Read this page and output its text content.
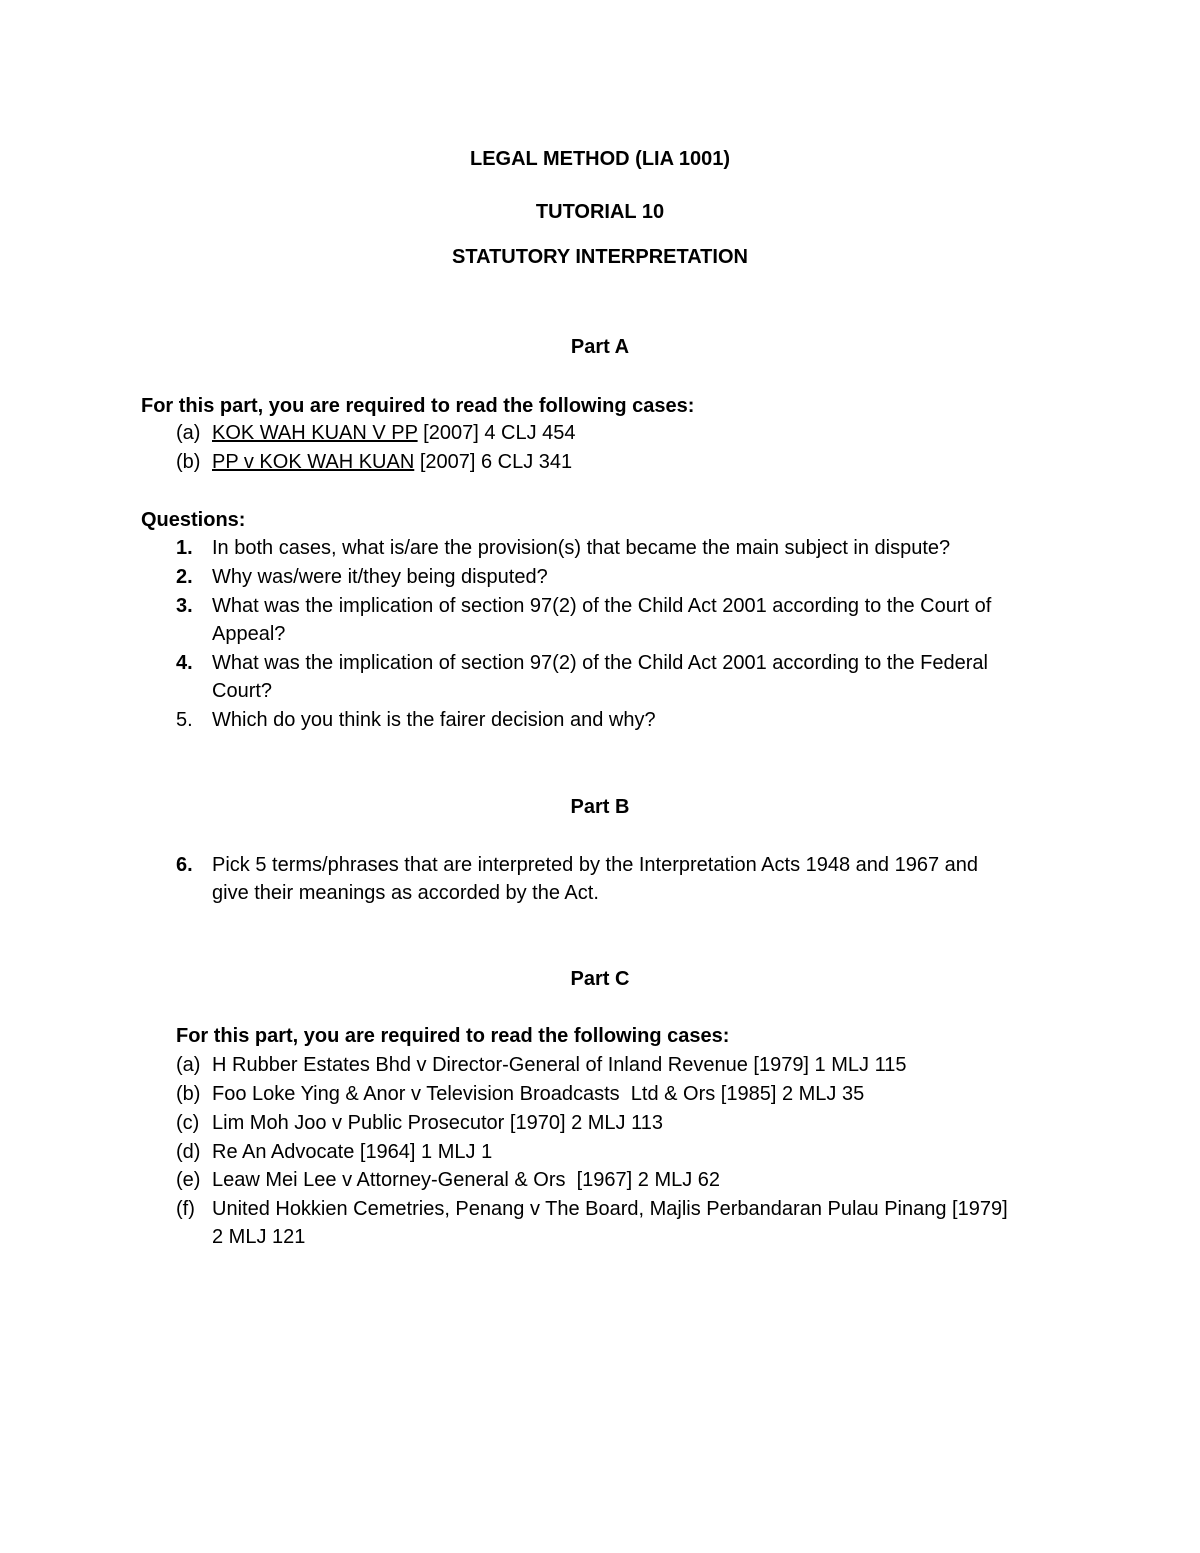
LEGAL METHOD (LIA 1001)
TUTORIAL 10
STATUTORY INTERPRETATION
Part A
For this part, you are required to read the following cases:
(a) KOK WAH KUAN V PP [2007] 4 CLJ 454
(b) PP v KOK WAH KUAN [2007] 6 CLJ 341
Questions:
1. In both cases, what is/are the provision(s) that became the main subject in dispute?
2. Why was/were it/they being disputed?
3. What was the implication of section 97(2) of the Child Act 2001 according to the Court of
Appeal?
4. What was the implication of section 97(2) of the Child Act 2001 according to the Federal
Court?
5. Which do you think is the fairer decision and why?
Part B
6. Pick 5 terms/phrases that are interpreted by the Interpretation Acts 1948 and 1967 and
give their meanings as accorded by the Act.
Part C
For this part, you are required to read the following cases:
(a) H Rubber Estates Bhd v Director-General of Inland Revenue [1979] 1 MLJ 115
(b) Foo Loke Ying & Anor v Television Broadcasts  Ltd & Ors [1985] 2 MLJ 35
(c) Lim Moh Joo v Public Prosecutor [1970] 2 MLJ 113
(d) Re An Advocate [1964] 1 MLJ 1
(e) Leaw Mei Lee v Attorney-General & Ors  [1967] 2 MLJ 62
(f) United Hokkien Cemetries, Penang v The Board, Majlis Perbandaran Pulau Pinang [1979]
2 MLJ 121
